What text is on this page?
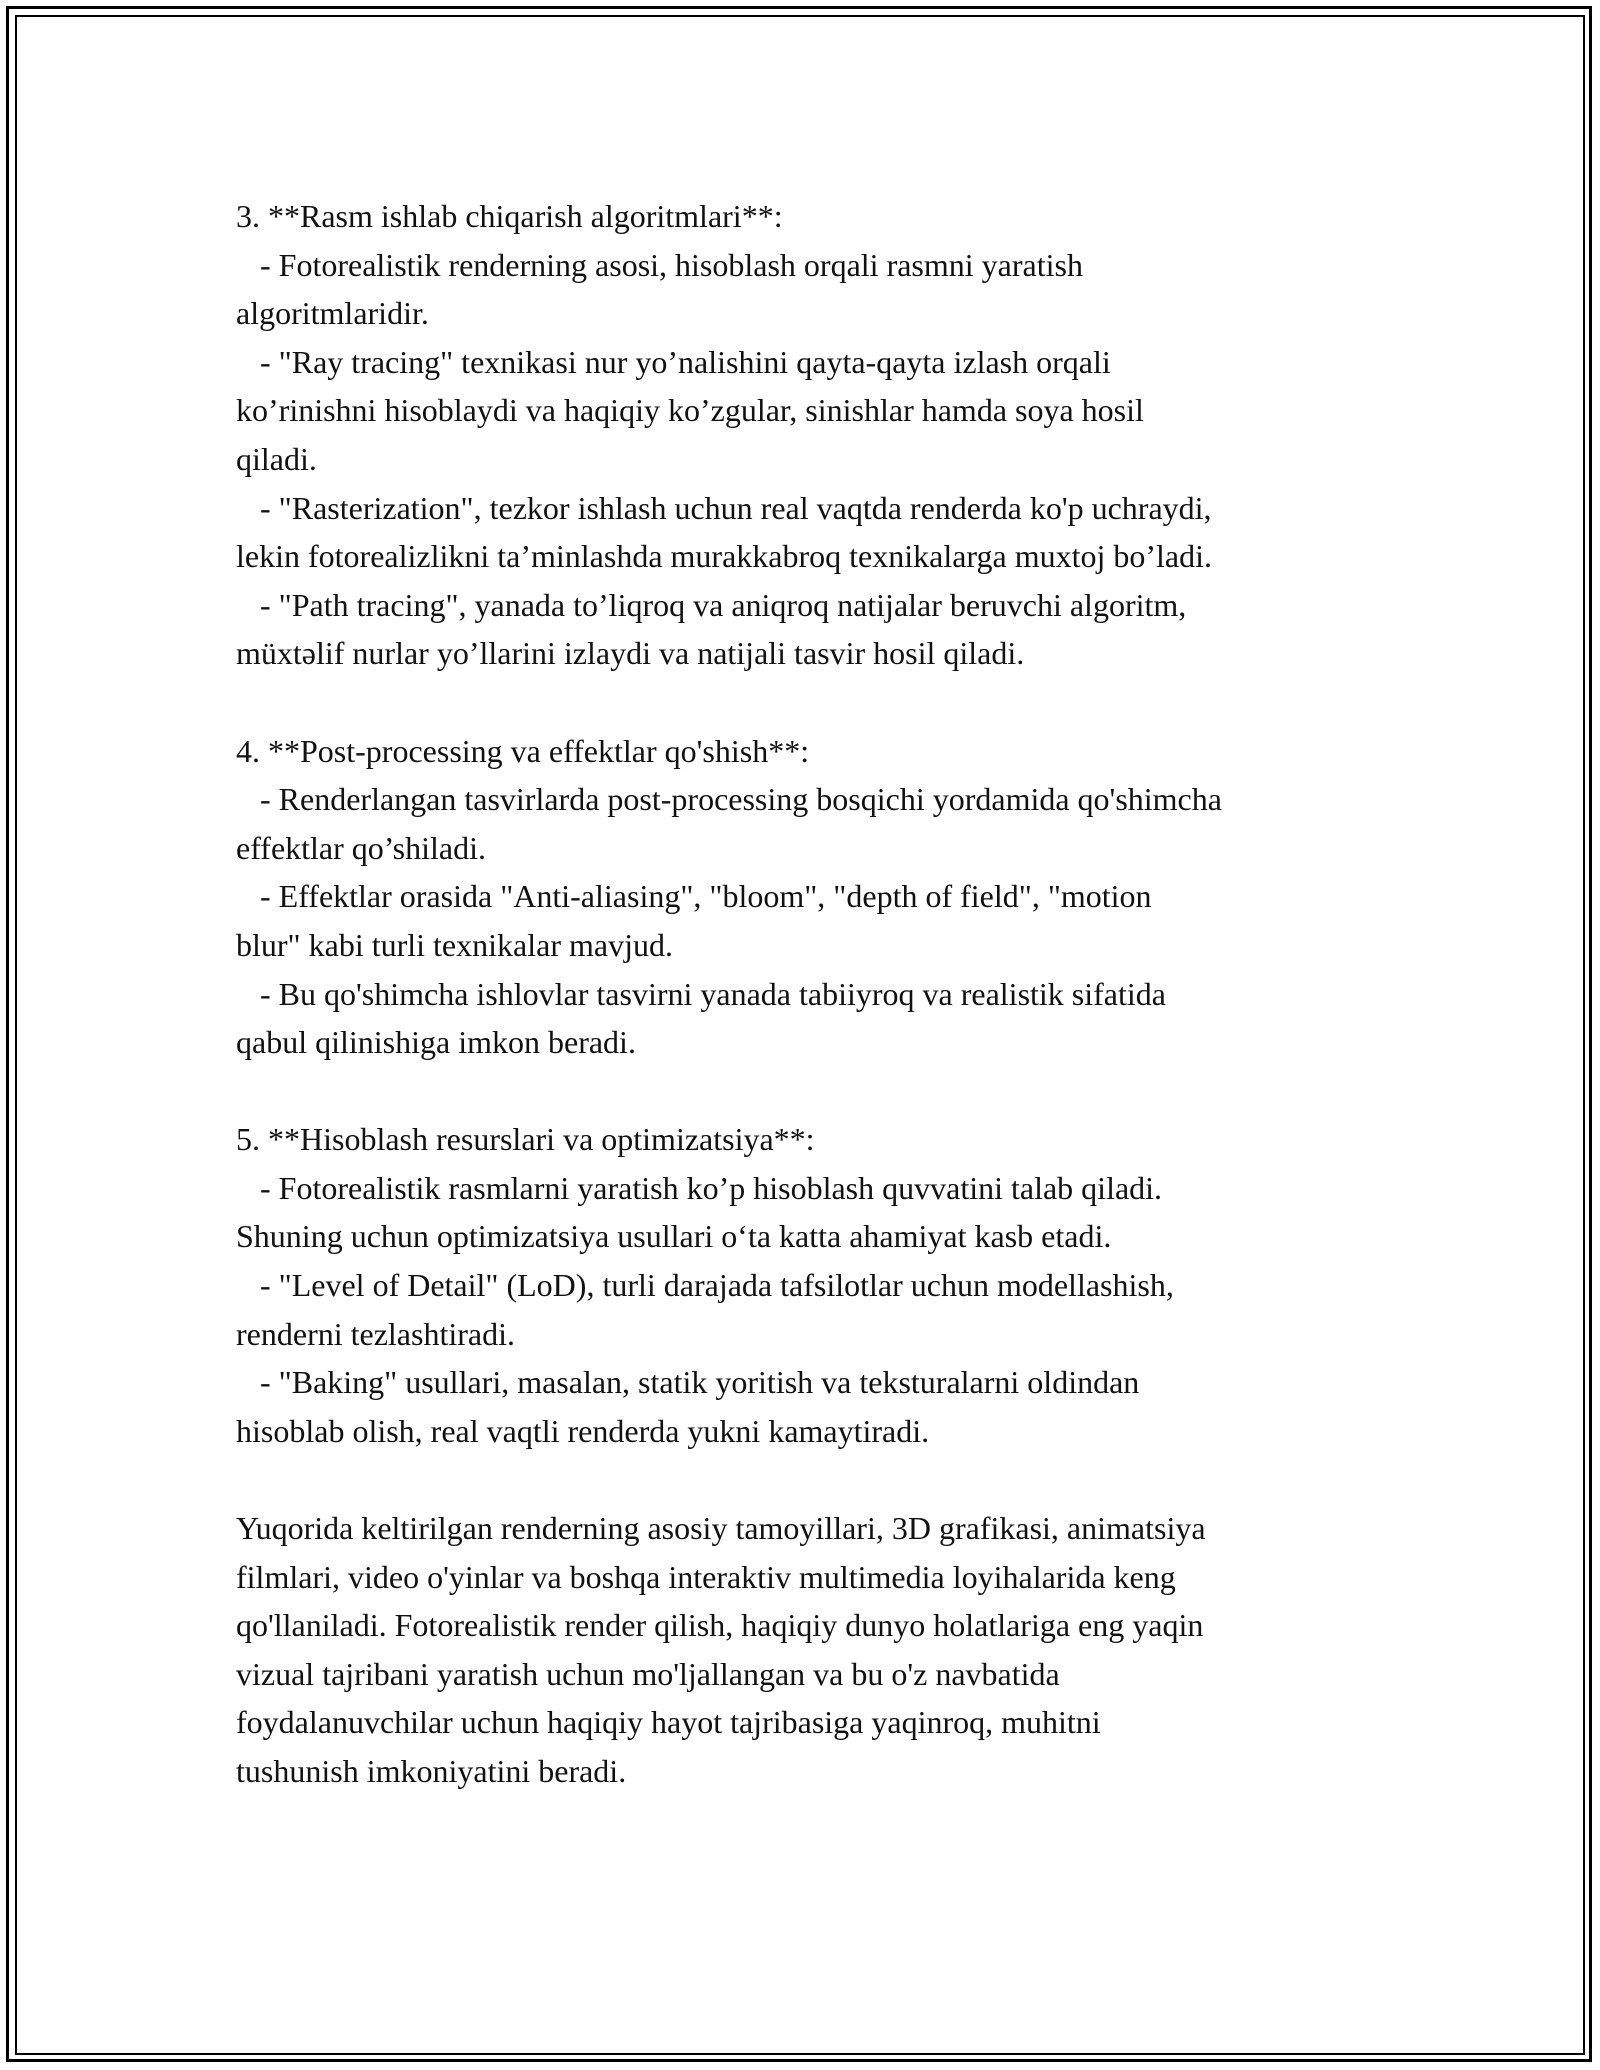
3. **Rasm ishlab chiqarish algoritmlari**:

- Fotorealistik renderning asosi, hisoblash orqali rasmni yaratish

algoritmlaridir.

- "Ray tracing" texnikasi nur yo’nalishini qayta-qayta izlash orqali

ko’rinishni hisoblaydi va haqiqiy ko’zgular, sinishlar hamda soya hosil

qiladi.

- "Rasterization", tezkor ishlash uchun real vaqtda renderda ko'p uchraydi,

lekin fotorealizlikni ta’minlashda murakkabroq texnikalarga muxtoj bo’ladi.

- "Path tracing", yanada to’liqroq va aniqroq natijalar beruvchi algoritm,

müxtəlif nurlar yo’llarini izlaydi va natijali tasvir hosil qiladi.

4. **Post-processing va effektlar qo'shish**:

- Renderlangan tasvirlarda post-processing bosqichi yordamida qo'shimcha

effektlar qo’shiladi.

- Effektlar orasida "Anti-aliasing", "bloom", "depth of field", "motion

blur" kabi turli texnikalar mavjud.

- Bu qo'shimcha ishlovlar tasvirni yanada tabiiyroq va realistik sifatida

qabul qilinishiga imkon beradi.

5. **Hisoblash resurslari va optimizatsiya**:

- Fotorealistik rasmlarni yaratish ko’p hisoblash quvvatini talab qiladi.

Shuning uchun optimizatsiya usullari o‘ta katta ahamiyat kasb etadi.

- "Level of Detail" (LoD), turli darajada tafsilotlar uchun modellashish,

renderni tezlashtiradi.

- "Baking" usullari, masalan, statik yoritish va teksturalarni oldindan

hisoblab olish, real vaqtli renderda yukni kamaytiradi.

Yuqorida keltirilgan renderning asosiy tamoyillari, 3D grafikasi, animatsiya

filmlari, video o'yinlar va boshqa interaktiv multimedia loyihalarida keng

qo'llaniladi. Fotorealistik render qilish, haqiqiy dunyo holatlariga eng yaqin

vizual tajribani yaratish uchun mo'ljallangan va bu o'z navbatida

foydalanuvchilar uchun haqiqiy hayot tajribasiga yaqinroq, muhitni

tushunish imkoniyatini beradi.
